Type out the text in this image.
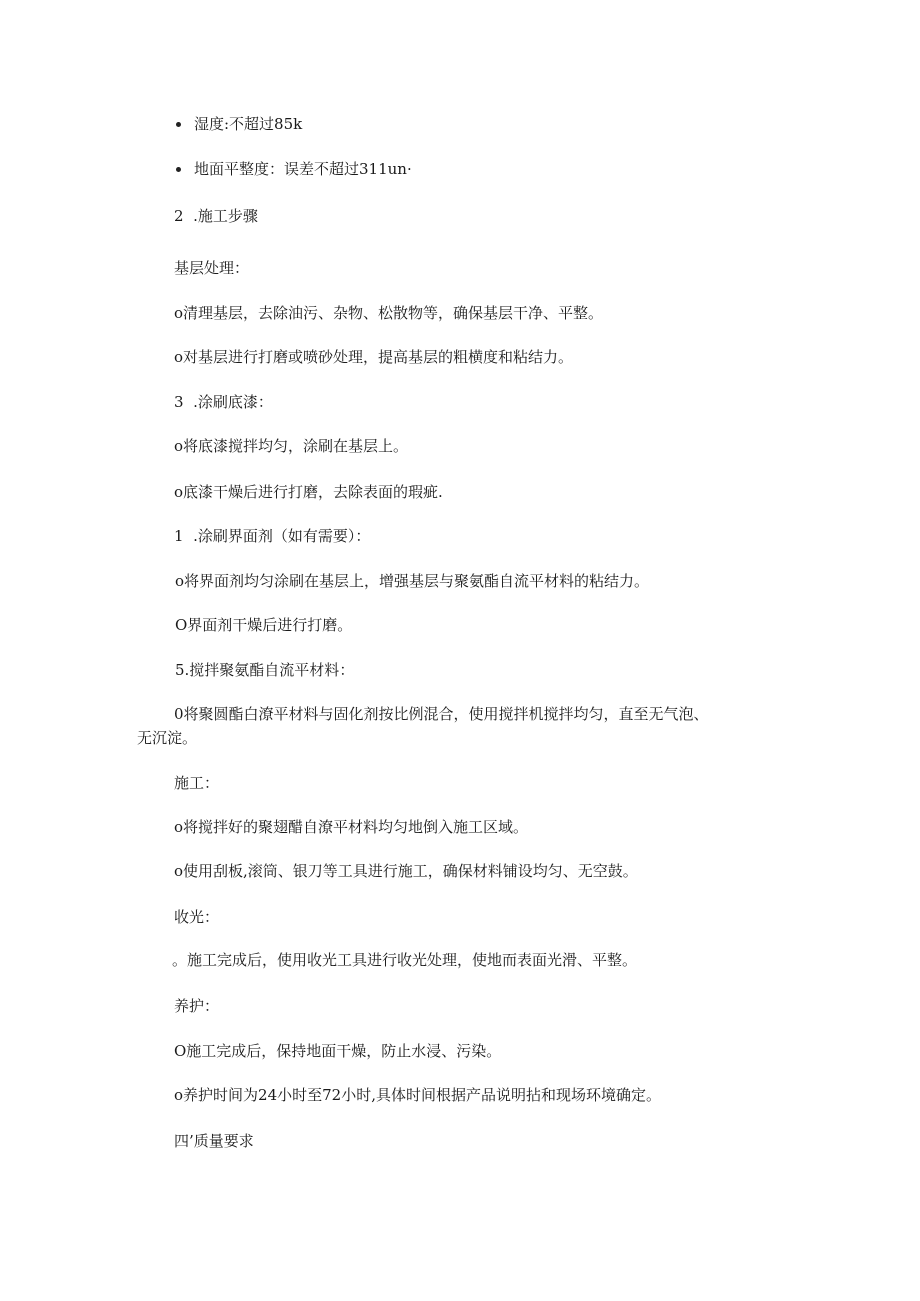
湿度:不超过85k
地面平整度：误差不超过311un·
2  .施工步骤
基层处理：
o清理基层，去除油污、杂物、松散物等，确保基层干净、平整。
o对基层进行打磨或喷砂处理，提高基层的粗横度和粘结力。
3  .涂刷底漆：
o将底漆搅拌均匀，涂刷在基层上。
o底漆干燥后进行打磨，去除表面的瑕疵.
1  .涂刷界面剂（如有需要）：
o将界面剂均匀涂刷在基层上，增强基层与聚氨酯自流平材料的粘结力。
O界面剂干燥后进行打磨。
5.搅拌聚氨酯自流平材料：
0将聚圆酯白潦平材料与固化剂按比例混合，使用搅拌机搅拌均匀，直至无气泡、
无沉淀。
施工：
o将搅拌好的聚翅醋自潦平材料均匀地倒入施工区域。
o使用刮板,滚筒、银刀等工具进行施工，确保材料铺设均匀、无空鼓。
收光：
。施工完成后，使用收光工具进行收光处理，使地而表面光滑、平整。
养护：
O施工完成后，保持地面干燥，防止水浸、污染。
o养护时间为24小时至72小时,具体时间根据产品说明拈和现场环境确定。
四’质量要求
